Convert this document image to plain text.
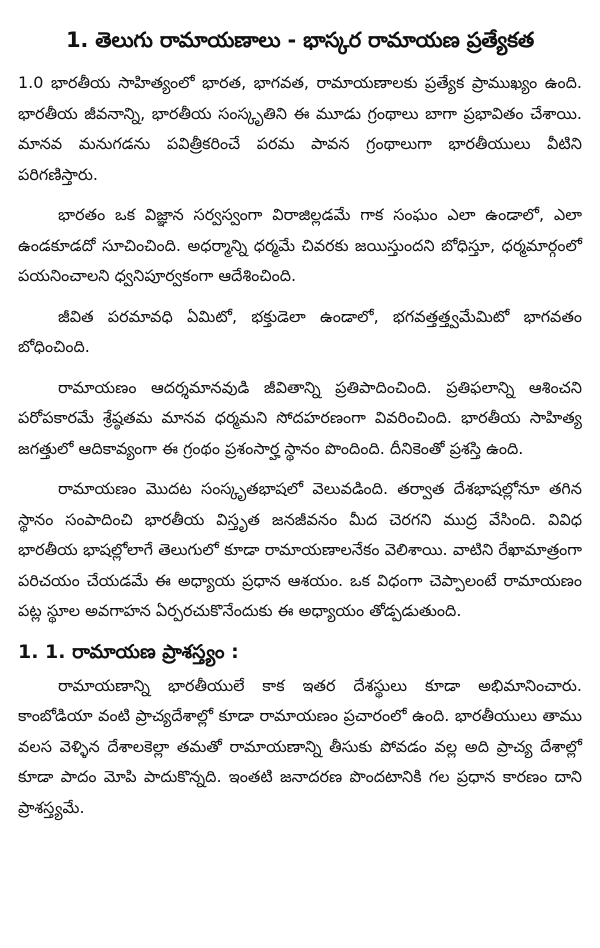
1. తెలుగు రామాయణాలు - భాస్కర రామాయణ ప్రత్యేకత

1.0 భారతీయ సాహిత్యంలో భారత, భాగవత, రామాయణాలకు ప్రత్యేక ప్రాముఖ్యం ఉంది. భారతీయ జీవనాన్ని, భారతీయ సంస్కృతిని ఈ మూడు గ్రంథాలు బాగా ప్రభావితం చేశాయి. మానవ మనుగడను పవిత్రీకరించే పరమ పావన గ్రంథాలుగా భారతీయులు వీటిని పరిగణిస్తారు.

భారతం ఒక విజ్ఞాన సర్వస్వంగా విరాజిల్లడమే గాక సంఘం ఎలా ఉండాలో, ఎలా ఉండకూడదో సూచించింది. అధర్మాన్ని ధర్మమే చివరకు జయిస్తుందని బోధిస్తూ, ధర్మమార్గంలో పయనించాలని ధ్వనిపూర్వకంగా ఆదేశించింది.

జీవిత పరమావధి ఏమిటో, భక్తుడెలా ఉండాలో, భగవత్తత్త్వమేమిటో భాగవతం బోధించింది.

రామాయణం ఆదర్శమానవుడి జీవితాన్ని ప్రతిపాదించింది. ప్రతిఫలాన్ని ఆశించని పరోపకారమే శ్రేష్ఠతమ మానవ ధర్మమని సోదహరణంగా వివరించింది. భారతీయ సాహిత్య జగత్తులో ఆదికావ్యంగా ఈ గ్రంథం ప్రశంసార్హ స్థానం పొందింది. దీనికెంతో ప్రశస్తి ఉంది.

రామాయణం మొదట సంస్కృతభాషలో వెలువడింది. తర్వాత దేశభాషల్లోనూ తగిన స్థానం సంపాదించి భారతీయ విస్తృత జనజీవనం మీద చెరగని ముద్ర వేసింది. వివిధ భారతీయ భాషల్లోలాగే తెలుగులో కూడా రామాయణాలనేకం వెలిశాయి. వాటిని రేఖామాత్రంగా పరిచయం చేయడమే ఈ అధ్యాయ ప్రధాన ఆశయం. ఒక విధంగా చెప్పాలంటే రామాయణం పట్ల స్థూల అవగాహన ఏర్పరచుకొనేందుకు ఈ అధ్యాయం తోడ్పడుతుంది.

1. 1. రామాయణ ప్రాశస్త్యం :

రామాయణాన్ని భారతీయులే కాక ఇతర దేశస్థులు కూడా అభిమానించారు. కాంబోడియా వంటి ప్రాచ్యదేశాల్లో కూడా రామాయణం ప్రచారంలో ఉంది. భారతీయులు తాము వలస వెళ్ళిన దేశాలకెల్లా తమతో రామాయణాన్ని తీసుకు పోవడం వల్ల అది ప్రాచ్య దేశాల్లో కూడా పాదం మోపి పాదుకొన్నది. ఇంతటి జనాదరణ పొందటానికి గల ప్రధాన కారణం దాని ప్రాశస్త్యమే.
